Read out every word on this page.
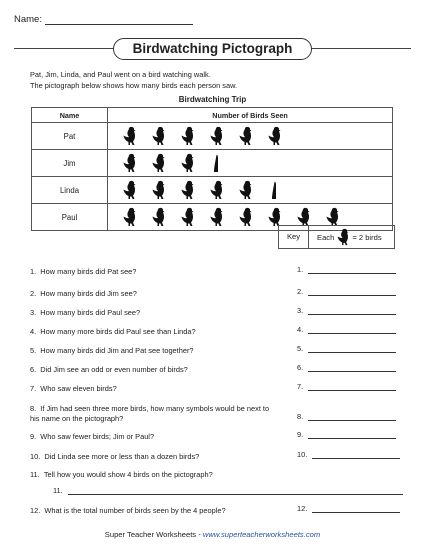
Name:
Birdwatching Pictograph
Pat, Jim, Linda, and Paul went on a bird watching walk.
The pictograph below shows how many birds each person saw.
Birdwatching Trip
Name	Number of Birds Seen
Pat	

Jim	

Linda	

Paul	
Key	Each = 2 birds
1. How many birds did Pat see?	1.
2. How many birds did Jim see?	2.
3. How many birds did Paul see?	3.
4. How many more birds did Paul see than Linda?	4.
5. How many birds did Jim and Pat see together?	5.
6. Did Jim see an odd or even number of birds?	6.
7. Who saw eleven birds?	7.
8. If Jim had seen three more birds, how many symbols would be next to his name on the pictograph?	8.
9. Who saw fewer birds; Jim or Paul?	9.
10. Did Linda see more or less than a dozen birds?	10.
11. Tell how you would show 4 birds on the pictograph?
11.
12. What is the total number of birds seen by the 4 people?	12.
Super Teacher Worksheets - www.superteacherworksheets.com
